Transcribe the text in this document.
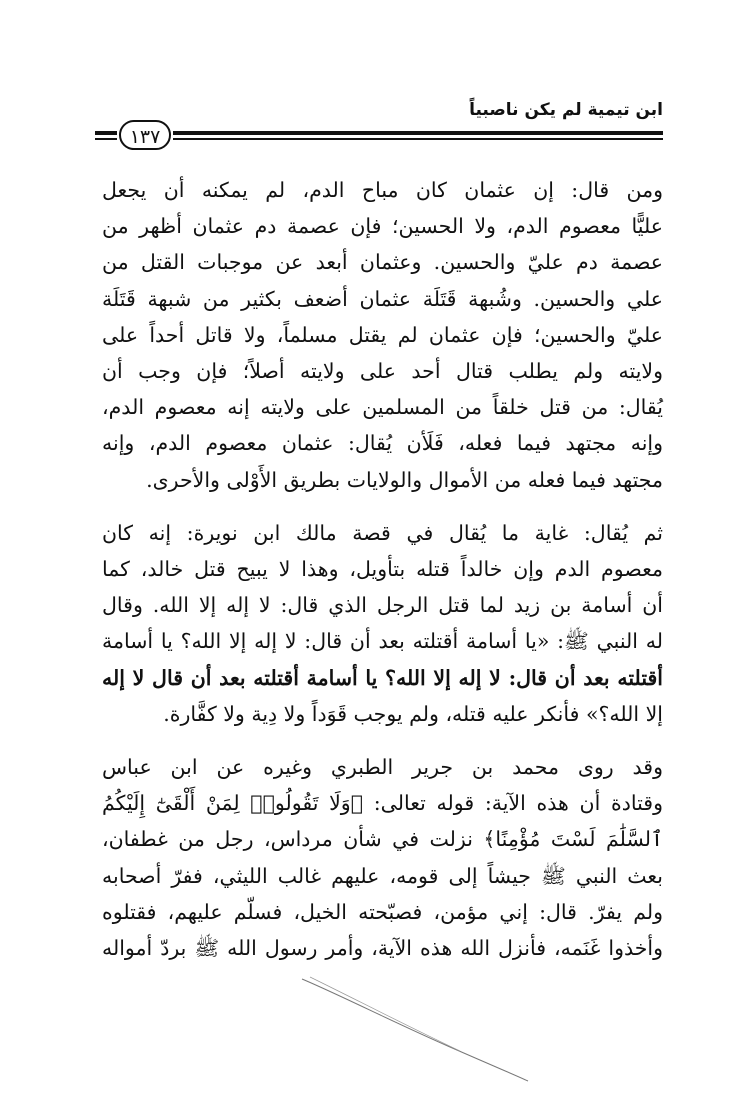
ابن تيمية لم يكن ناصبياً
١٣٧

ومن قال: إن عثمان كان مباح الدم، لم يمكنه أن يجعل
عليًّا معصوم الدم، ولا الحسين؛ فإن عصمة دم عثمان أظهر من
عصمة دم عليّ والحسين. وعثمان أبعد عن موجبات القتل من
علي والحسين. وشُبهة قَتَلَة عثمان أضعف بكثير من شبهة قَتَلَة
عليّ والحسين؛ فإن عثمان لم يقتل مسلماً، ولا قاتل أحداً على
ولايته ولم يطلب قتال أحد على ولايته أصلاً؛ فإن وجب أن
يُقال: من قتل خلقاً من المسلمين على ولايته إنه معصوم الدم،
وإنه مجتهد فيما فعله، فَلَأن يُقال: عثمان معصوم الدم، وإنه
مجتهد فيما فعله من الأموال والولايات بطريق الأَوْلى والأحرى.

ثم يُقال: غاية ما يُقال في قصة مالك ابن نويرة: إنه كان
معصوم الدم وإن خالداً قتله بتأويل، وهذا لا يبيح قتل خالد، كما
أن أسامة بن زيد لما قتل الرجل الذي قال: لا إله إلا الله. وقال
له النبي ﷺ: «يا أسامة أقتلته بعد أن قال: لا إله إلا الله؟ يا أسامة
أقتلته بعد أن قال: لا إله إلا الله؟ يا أسامة أقتلته بعد أن قال لا إله
إلا الله؟» فأنكر عليه قتله، ولم يوجب قَوَداً ولا دِية ولا كفَّارة.

وقد روى محمد بن جرير الطبري وغيره عن ابن عباس
وقتادة أن هذه الآية: قوله تعالى: ﴿وَلَا تَقُولُوا۟ لِمَنْ أَلْقَىٰٓ إِلَيْكُمُ
ٱلسَّلَٰمَ لَسْتَ مُؤْمِنًا﴾ نزلت في شأن مرداس، رجل من غطفان،
بعث النبي ﷺ جيشاً إلى قومه، عليهم غالب الليثي، ففرّ أصحابه
ولم يفرّ. قال: إني مؤمن، فصبّحته الخيل، فسلّم عليهم، فقتلوه
وأخذوا غَنَمه، فأنزل الله هذه الآية، وأمر رسول الله ﷺ بردّ أمواله
